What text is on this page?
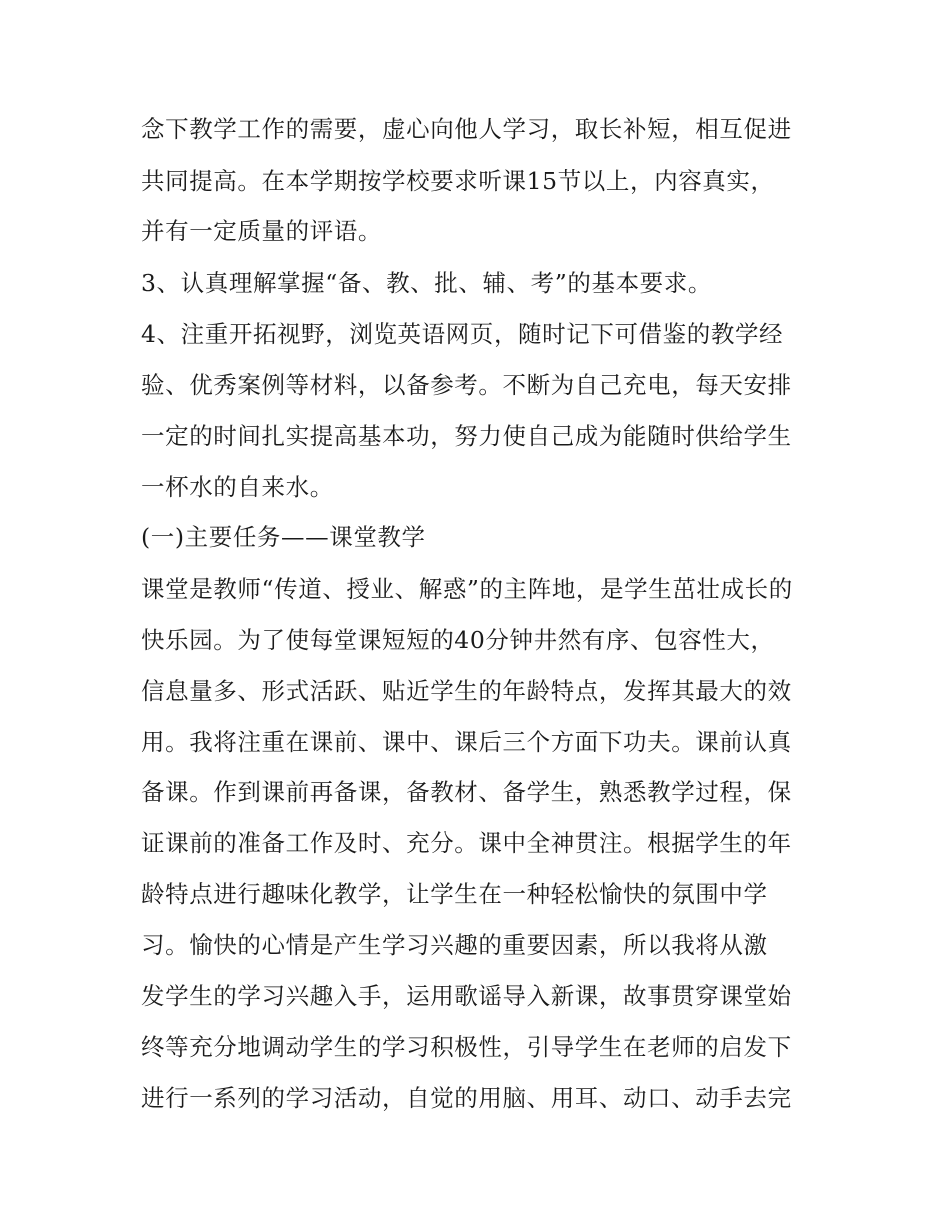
念下教学工作的需要，虚心向他人学习，取长补短，相互促进
共同提高。在本学期按学校要求听课15节以上，内容真实，
并有一定质量的评语。
3、认真理解掌握“备、教、批、辅、考”的基本要求。
4、注重开拓视野，浏览英语网页，随时记下可借鉴的教学经
验、优秀案例等材料，以备参考。不断为自己充电，每天安排
一定的时间扎实提高基本功，努力使自己成为能随时供给学生
一杯水的自来水。
(一)主要任务——课堂教学
课堂是教师“传道、授业、解惑”的主阵地，是学生茁壮成长的
快乐园。为了使每堂课短短的40分钟井然有序、包容性大，
信息量多、形式活跃、贴近学生的年龄特点，发挥其最大的效
用。我将注重在课前、课中、课后三个方面下功夫。课前认真
备课。作到课前再备课，备教材、备学生，熟悉教学过程，保
证课前的准备工作及时、充分。课中全神贯注。根据学生的年
龄特点进行趣味化教学，让学生在一种轻松愉快的氛围中学
习。愉快的心情是产生学习兴趣的重要因素，所以我将从激
发学生的学习兴趣入手，运用歌谣导入新课，故事贯穿课堂始
终等充分地调动学生的学习积极性，引导学生在老师的启发下
进行一系列的学习活动，自觉的用脑、用耳、动口、动手去完
